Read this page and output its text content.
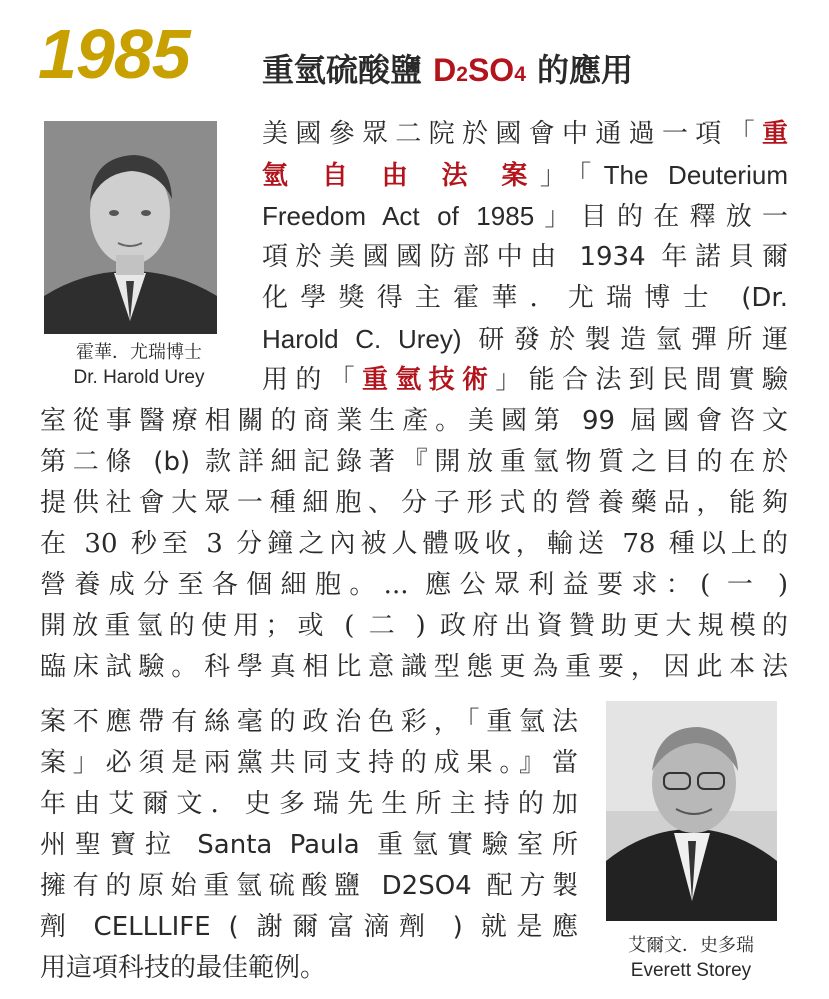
1985 重氫硫酸鹽 D2SO4 的應用
霍華．尤瑞博士
Dr. Harold Urey
艾爾文．史多瑞
Everett Storey
美國參眾二院於國會中通過一項「重
氫 自 由 法 案」「The Deuterium
Freedom Act of 1985」目的在釋放一
項於美國國防部中由 1934 年諾貝爾
化學獎得主霍華．尤瑞博士 (Dr.
Harold C. Urey) 研發於製造氫彈所運
用的「重氫技術」能合法到民間實驗
室從事醫療相關的商業生產。美國第 99 屆國會咨文
第二條 (b) 款詳細記錄著『開放重氫物質之目的在於
提供社會大眾一種細胞、分子形式的營養藥品，能夠
在 30 秒至 3 分鐘之內被人體吸收，輸送 78 種以上的
營養成分至各個細胞。... 應公眾利益要求：( 一 )
開放重氫的使用；或 ( 二 ) 政府出資贊助更大規模的
臨床試驗。科學真相比意識型態更為重要，因此本法
案不應帶有絲毫的政治色彩，「重氫法
案」必須是兩黨共同支持的成果。』當
年由艾爾文．史多瑞先生所主持的加
州聖寶拉 Santa Paula 重氫實驗室所
擁有的原始重氫硫酸鹽 D2SO4 配方製
劑 CELLLIFE ( 謝爾富滴劑 ) 就是應
用這項科技的最佳範例。
